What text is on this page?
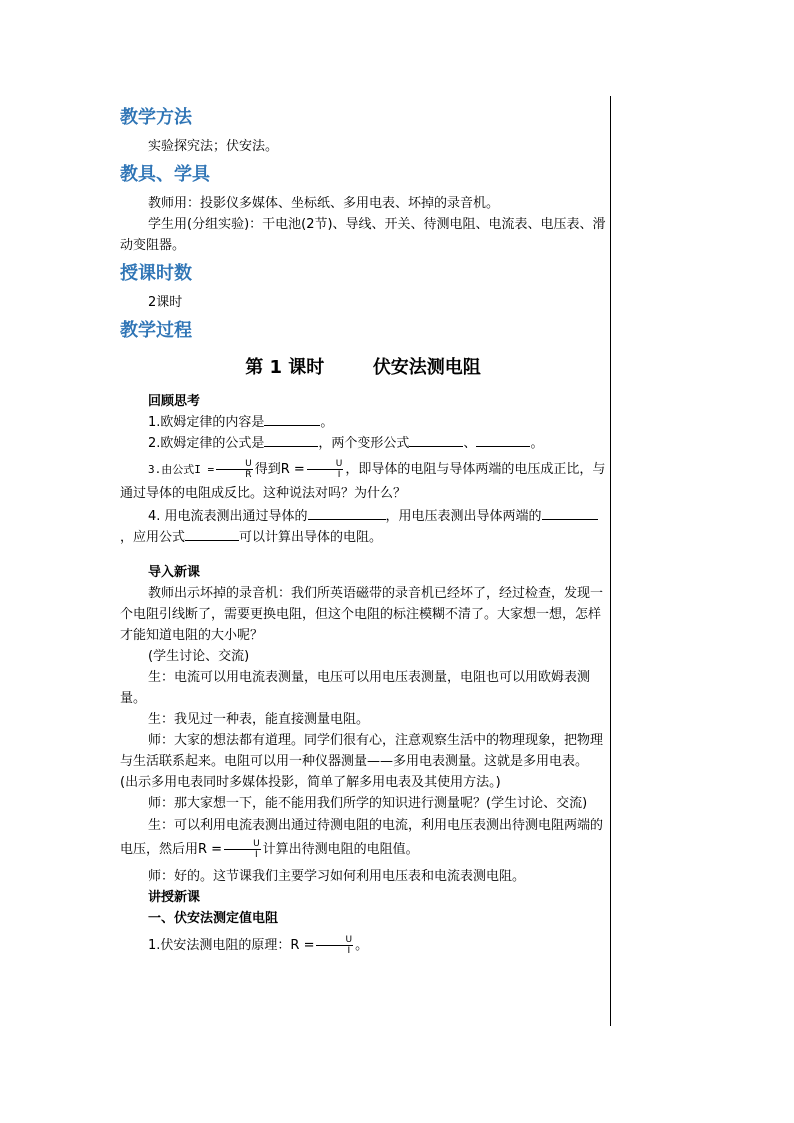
教学方法

实验探究法；伏安法。

教具、学具

教师用：投影仪多媒体、坐标纸、多用电表、坏掉的录音机。

学生用(分组实验)：干电池(2节)、导线、开关、待测电阻、电流表、电压表、滑动变阻器。

授课时数

2课时

教学过程

第 1 课时	伏安法测电阻

回顾思考

1.欧姆定律的内容是	。

2.欧姆定律的公式是	，两个变形公式	、	。

3.由公式$I = \frac{U}{R}$ 得到$R = \frac{U}{I}$ ，即导体的电阻与导体两端的电压成正比，与通过导体的电阻成反比。这种说法对吗？为什么？

4. 用电流表测出通过导体的	，用电压表测出导体两端的，应用公式	可以计算出导体的电阻。

导入新课

教师出示坏掉的录音机：我们所英语磁带的录音机已经坏了，经过检查，发现一个电阻引线断了，需要更换电阻，但这个电阻的标注模糊不清了。大家想一想，怎样才能知道电阻的大小呢？

(学生讨论、交流)

生：电流可以用电流表测量，电压可以用电压表测量，电阻也可以用欧姆表测量。

生：我见过一种表，能直接测量电阻。

师：大家的想法都有道理。同学们很有心，注意观察生活中的物理现象，把物理与生活联系起来。电阻可以用一种仪器测量——多用电表测量。这就是多用电表。(出示多用电表同时多媒体投影，简单了解多用电表及其使用方法。)

师：那大家想一下，能不能用我们所学的知识进行测量呢？(学生讨论、交流)

生：可以利用电流表测出通过待测电阻的电流，利用电压表测出待测电阻两端的电压，然后用$R = \frac{U}{I}$ 计算出待测电阻的电阻值。

师：好的。这节课我们主要学习如何利用电压表和电流表测电阻。

讲授新课

一、伏安法测定值电阻

1.伏安法测电阻的原理：$R = \frac{U}{I}$ 。
